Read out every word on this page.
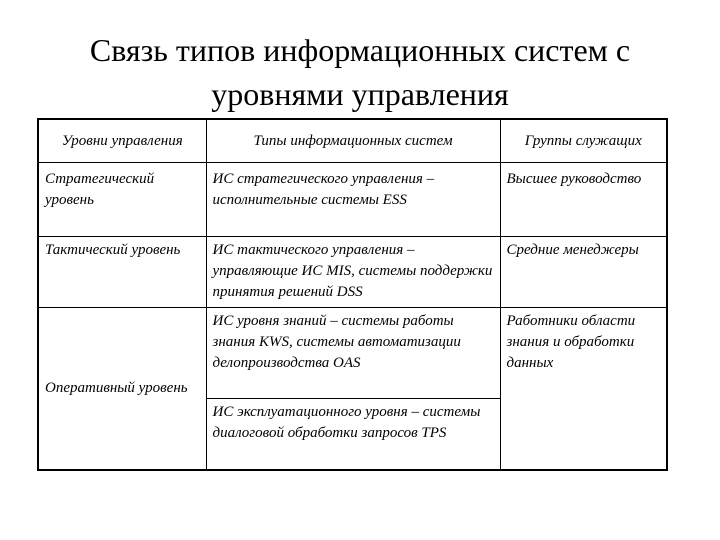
Связь типов информационных систем с
уровнями управления
Уровни управления	Типы информационных систем	Группы служащих
Стратегический уровень	ИС стратегического управления – исполнительные системы ESS	Высшее руководство
Тактический уровень	ИС тактического управления – управляющие ИС MIS, системы поддержки принятия решений DSS	Средние менеджеры
Оперативный уровень	ИС уровня знаний – системы работы знания KWS, системы автоматизации делопроизводства OAS	Работники области знания и обработки данных
	ИС эксплуатационного уровня – системы диалоговой обработки запросов TPS	
